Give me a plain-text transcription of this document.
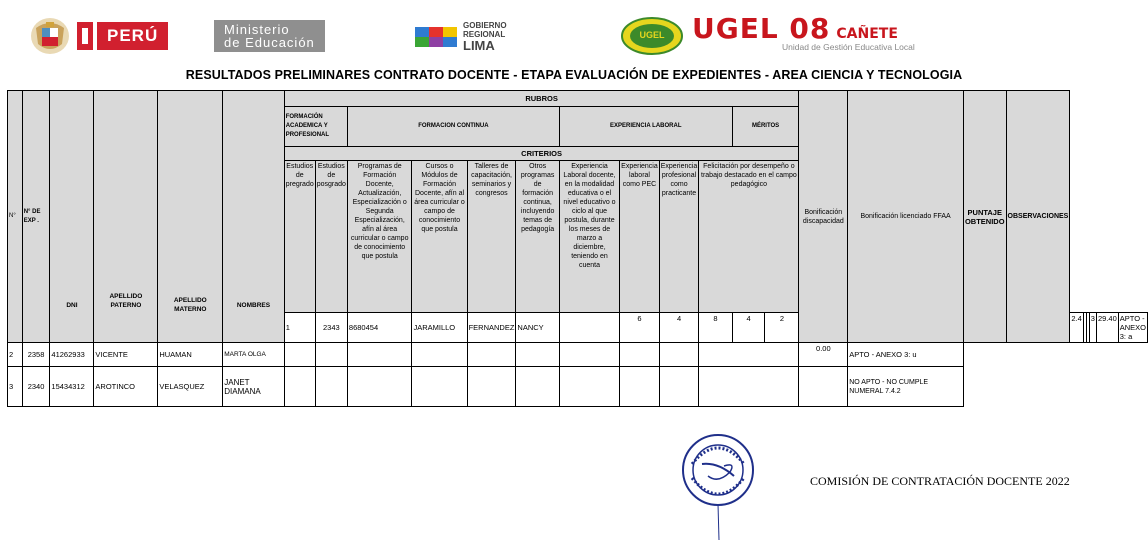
PERÚ	Ministerio
de Educación
GOBIERNO
REGIONAL
LIMA
UGEL UGEL 08 CAÑETE
Unidad de Gestión Educativa Local
RESULTADOS PRELIMINARES CONTRATO DOCENTE - ETAPA EVALUACIÓN DE EXPEDIENTES - AREA CIENCIA Y TECNOLOGIA
N°	N° DE EXP .	DNI	APELLIDO PATERNO	APELLIDO MATERNO	NOMBRES	RUBROS												Bonificación discapacidad	Bonificación licenciado FFAA	PUNTAJE OBTENIDO	OBSERVACIONES						
						FORMACIÓN ACADEMICA Y PROFESIONAL		FORMACION CONTINUA				EXPERIENCIA LABORAL				MÉRITOS											
						CRITERIOS																					
						Estudios de pregrado	Estudios de posgrado	Programas de Formación Docente, Actualización, Especialización o Segunda Especialización, afín al área curricular o campo de conocimiento que postula	Cursos o Módulos de Formación Docente, afín al área curricular o campo de conocimiento que postula	Talleres de capacitación, seminarios y congresos	Otros programas de formación continua, incluyendo temas de pedagogía	Experiencia Laboral docente, en la modalidad educativa o el nivel educativo o ciclo al que postula, durante los meses de marzo a diciembre, teniendo en cuenta	Experiencia laboral como PEC	Experiencia profesional como practicante	Felicitación por desempeño o trabajo destacado en el campo pedagógico												
						1	2343	8680454	JARAMILLO	FERNANDEZ	NANCY		6	4	8	4	2					2.4			3	29.40	APTO - ANEXO 3: a
2	2358	41262933	VICENTE	HUAMAN	MARTA OLGA													0.00	APTO - ANEXO 3: u								
3	2340	15434312	AROTINCO	VELASQUEZ	JANET DIAMANA														NO APTO - NO CUMPLE NUMERAL 7.4.2								
COMISIÓN DE CONTRATACIÓN DOCENTE 2022
